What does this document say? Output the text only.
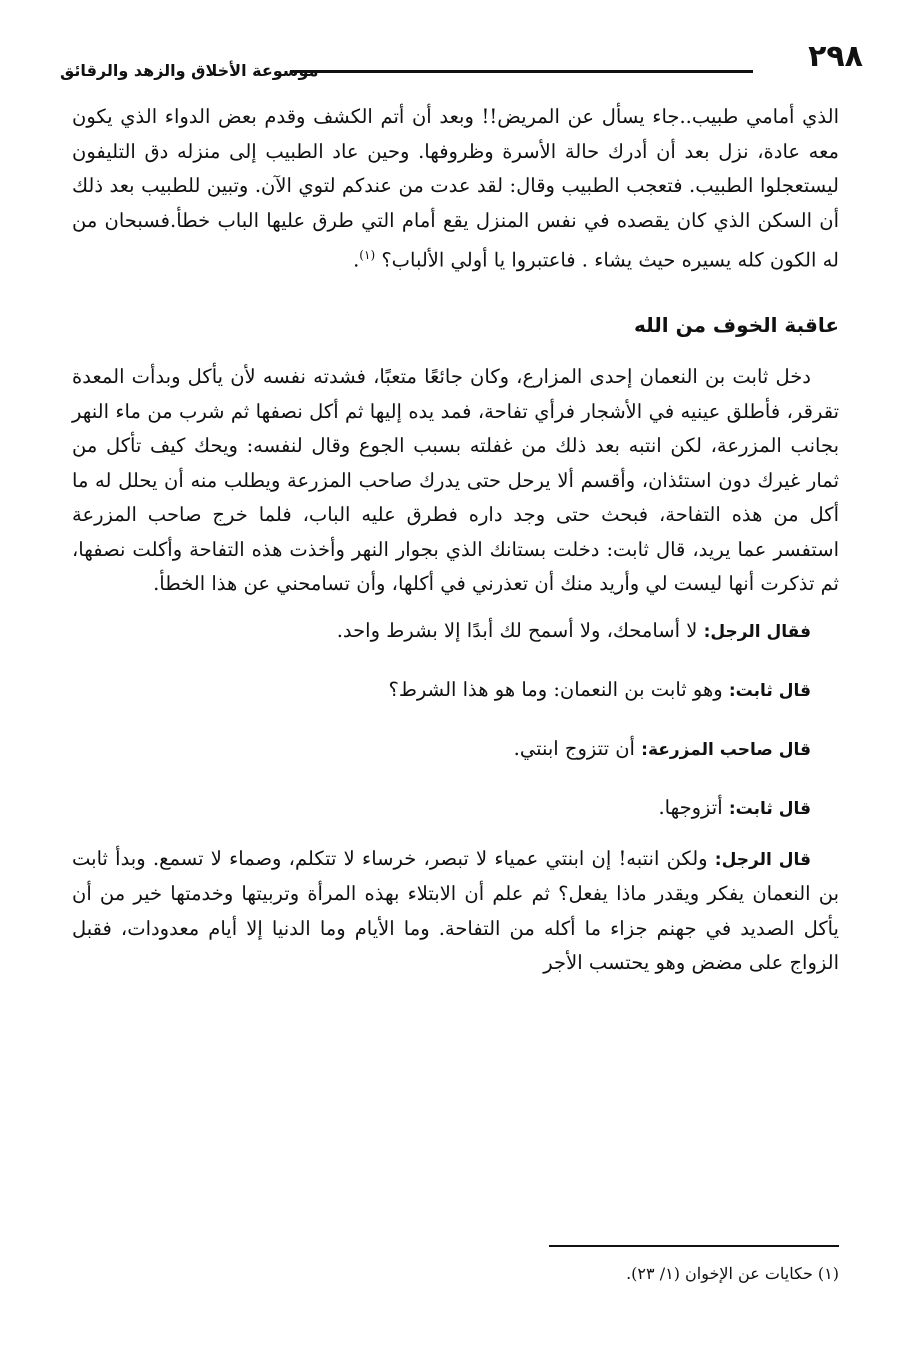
٢٩٨
موسوعة الأخلاق والزهد والرقائق

الذي أمامي طبيب..جاء يسأل عن المريض!! وبعد أن أتم الكشف وقدم بعض الدواء الذي يكون معه عادة، نزل بعد أن أدرك حالة الأسرة وظروفها. وحين عاد الطبيب إلى منزله دق التليفون ليستعجلوا الطبيب. فتعجب الطبيب وقال: لقد عدت من عندكم لتوي الآن. وتبين للطبيب بعد ذلك أن السكن الذي كان يقصده في نفس المنزل يقع أمام التي طرق عليها الباب خطأ.فسبحان من له الكون كله يسيره حيث يشاء . فاعتبروا يا أولي الألباب؟ $^{(١)}$.

عاقبة الخوف من الله

دخل ثابت بن النعمان إحدى المزارع، وكان جائعًا متعبًا، فشدته نفسه لأن يأكل وبدأت المعدة تقرقر، فأطلق عينيه في الأشجار فرأي تفاحة، فمد يده إليها ثم أكل نصفها ثم شرب من ماء النهر بجانب المزرعة، لكن انتبه بعد ذلك من غفلته بسبب الجوع وقال لنفسه: ويحك كيف تأكل من ثمار غيرك دون استئذان، وأقسم ألا يرحل حتى يدرك صاحب المزرعة ويطلب منه أن يحلل له ما أكل من هذه التفاحة، فبحث حتى وجد داره فطرق عليه الباب، فلما خرج صاحب المزرعة استفسر عما يريد، قال ثابت: دخلت بستانك الذي بجوار النهر وأخذت هذه التفاحة وأكلت نصفها، ثم تذكرت أنها ليست لي وأريد منك أن تعذرني في أكلها، وأن تسامحني عن هذا الخطأ.

فقال الرجل: لا أسامحك، ولا أسمح لك أبدًا إلا بشرط واحد.

قال ثابت: وهو ثابت بن النعمان: وما هو هذا الشرط؟

قال صاحب المزرعة: أن تتزوج ابنتي.

قال ثابت: أتزوجها.

قال الرجل: ولكن انتبه! إن ابنتي عمياء لا تبصر، خرساء لا تتكلم، وصماء لا تسمع. وبدأ ثابت بن النعمان يفكر ويقدر ماذا يفعل؟ ثم علم أن الابتلاء بهذه المرأة وتربيتها وخدمتها خير من أن يأكل الصديد في جهنم جزاء ما أكله من التفاحة. وما الأيام وما الدنيا إلا أيام معدودات، فقبل الزواج على مضض وهو يحتسب الأجر

(١) حكايات عن الإخوان (١/ ٢٣).
